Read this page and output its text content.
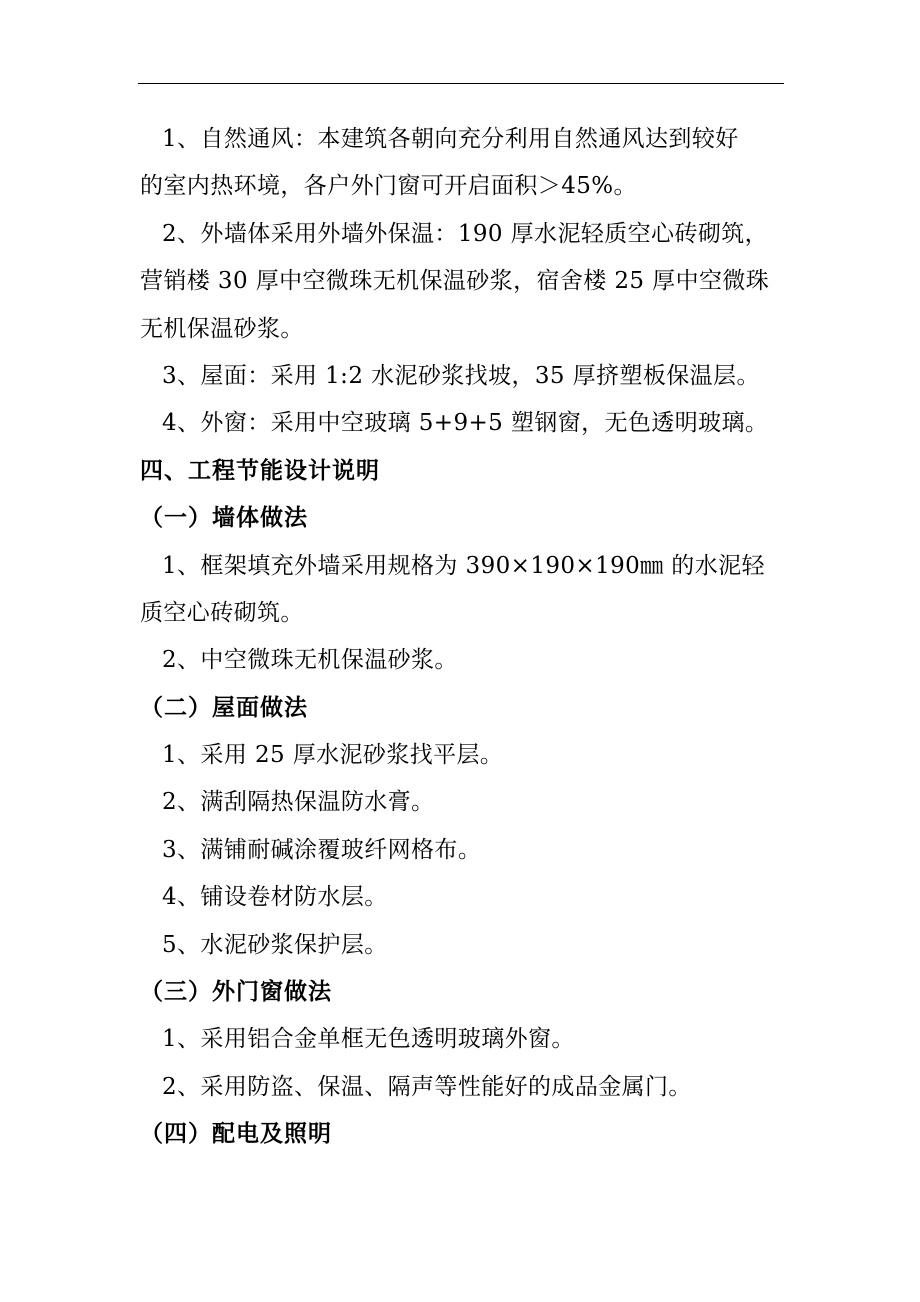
1、自然通风：本建筑各朝向充分利用自然通风达到较好
的室内热环境，各户外门窗可开启面积＞45%。
2、外墙体采用外墙外保温：190 厚水泥轻质空心砖砌筑，
营销楼 30 厚中空微珠无机保温砂浆，宿舍楼 25 厚中空微珠
无机保温砂浆。
3、屋面：采用 1:2 水泥砂浆找坡，35 厚挤塑板保温层。
4、外窗：采用中空玻璃 5+9+5 塑钢窗，无色透明玻璃。
四、工程节能设计说明
（一）墙体做法
1、框架填充外墙采用规格为 390×190×190㎜ 的水泥轻
质空心砖砌筑。
2、中空微珠无机保温砂浆。
（二）屋面做法
1、采用 25 厚水泥砂浆找平层。
2、满刮隔热保温防水膏。
3、满铺耐碱涂覆玻纤网格布。
4、铺设卷材防水层。
5、水泥砂浆保护层。
（三）外门窗做法
1、采用铝合金单框无色透明玻璃外窗。
2、采用防盗、保温、隔声等性能好的成品金属门。
（四）配电及照明
